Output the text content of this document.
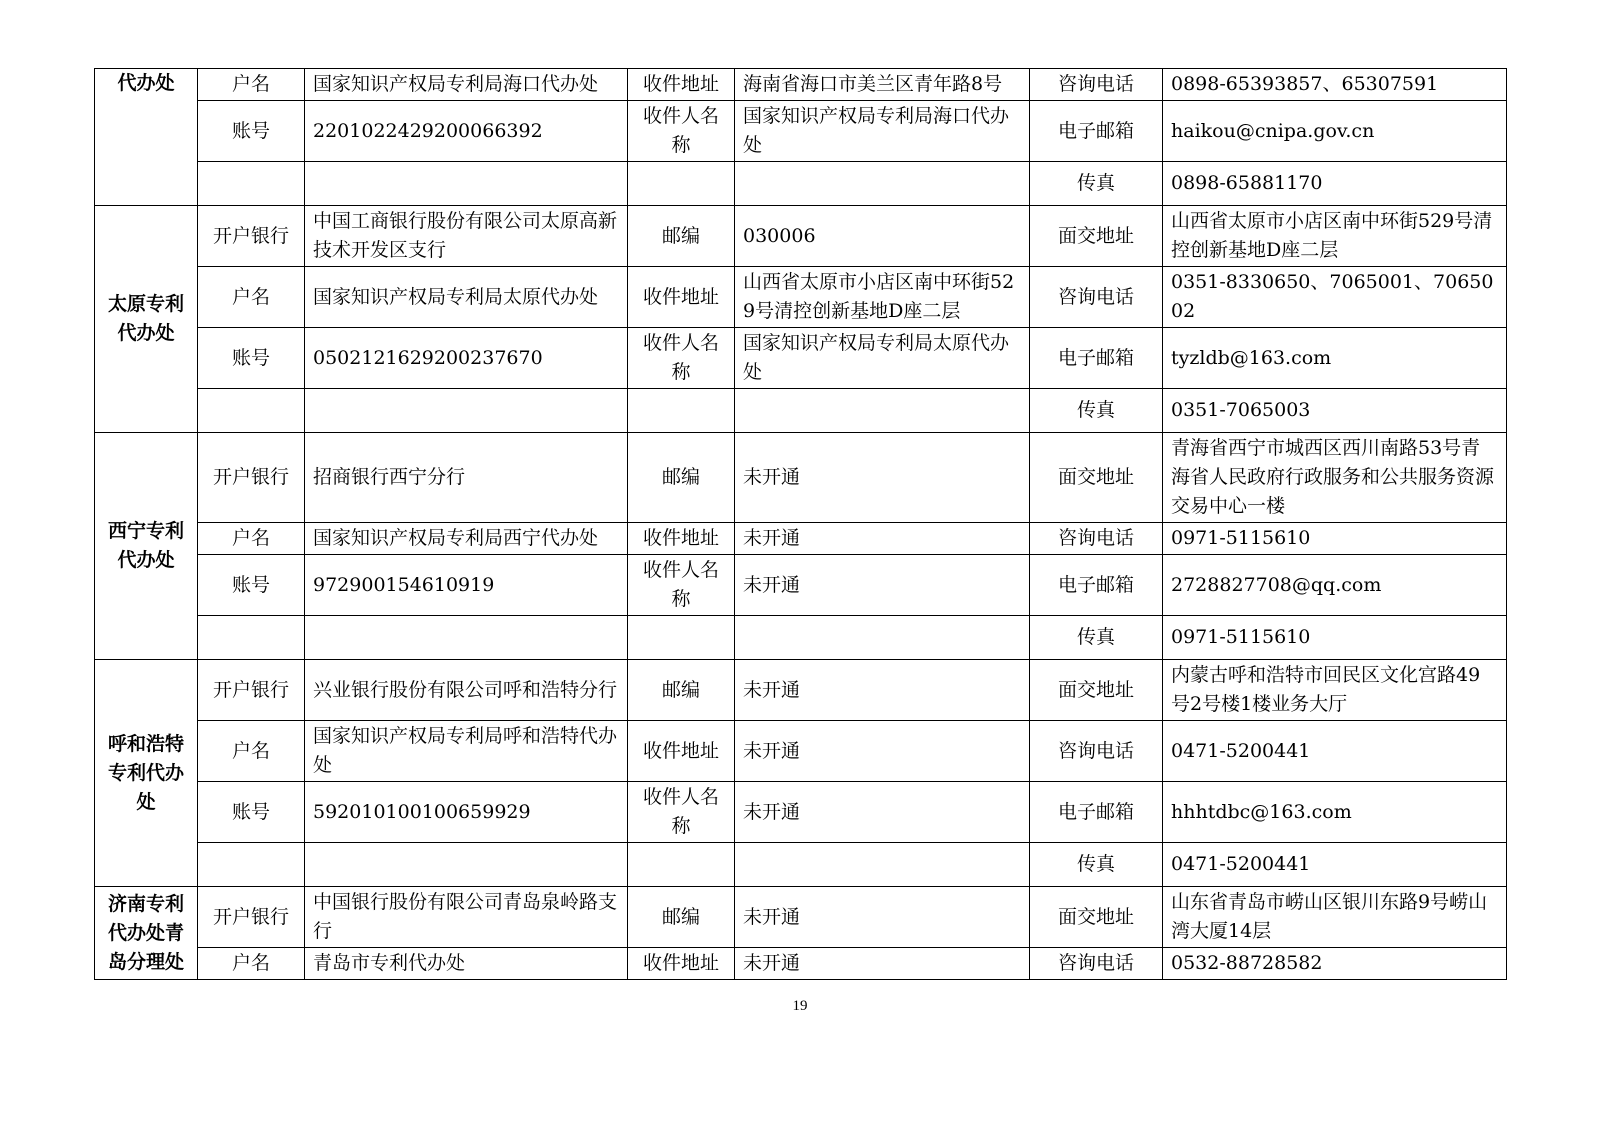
代办处	户名	国家知识产权局专利局海口代办处	收件地址	海南省海口市美兰区青年路8号	咨询电话	0898-65393857、65307591
	账号	2201022429200066392	收件人名称	国家知识产权局专利局海口代办处	电子邮箱	haikou@cnipa.gov.cn
					传真	0898-65881170
太原专利代办处	开户银行	中国工商银行股份有限公司太原高新技术开发区支行	邮编	030006	面交地址	山西省太原市小店区南中环街529号清控创新基地D座二层
	户名	国家知识产权局专利局太原代办处	收件地址	山西省太原市小店区南中环街529号清控创新基地D座二层	咨询电话	0351-8330650、7065001、7065002
	账号	0502121629200237670	收件人名称	国家知识产权局专利局太原代办处	电子邮箱	tyzldb@163.com
					传真	0351-7065003
西宁专利代办处	开户银行	招商银行西宁分行	邮编	未开通	面交地址	青海省西宁市城西区西川南路53号青海省人民政府行政服务和公共服务资源交易中心一楼
	户名	国家知识产权局专利局西宁代办处	收件地址	未开通	咨询电话	0971-5115610
	账号	972900154610919	收件人名称	未开通	电子邮箱	2728827708@qq.com
					传真	0971-5115610
呼和浩特专利代办处	开户银行	兴业银行股份有限公司呼和浩特分行	邮编	未开通	面交地址	内蒙古呼和浩特市回民区文化宫路49号2号楼1楼业务大厅
	户名	国家知识产权局专利局呼和浩特代办处	收件地址	未开通	咨询电话	0471-5200441
	账号	592010100100659929	收件人名称	未开通	电子邮箱	hhhtdbc@163.com
					传真	0471-5200441
济南专利代办处青岛分理处	开户银行	中国银行股份有限公司青岛泉岭路支行	邮编	未开通	面交地址	山东省青岛市崂山区银川东路9号崂山湾大厦14层
	户名	青岛市专利代办处	收件地址	未开通	咨询电话	0532-88728582
19
